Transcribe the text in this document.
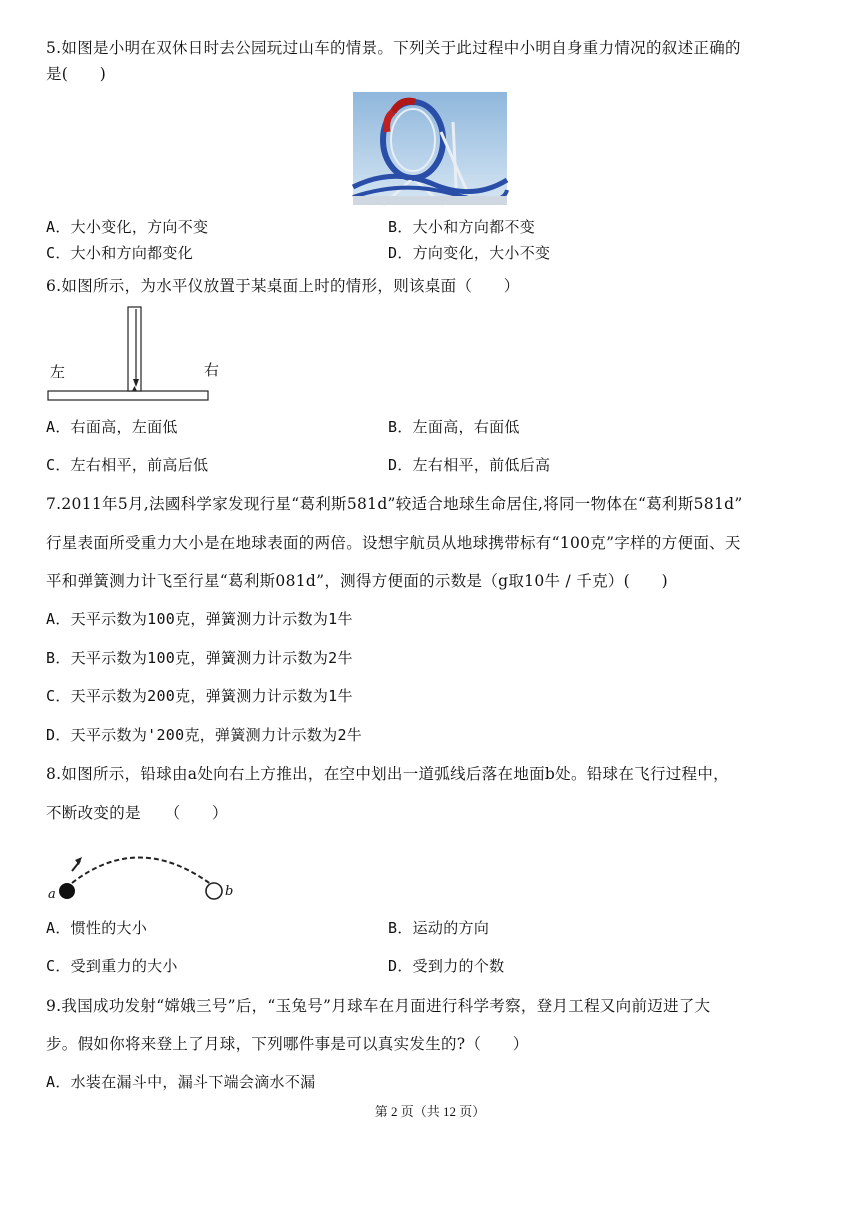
5.如图是小明在双休日时去公园玩过山车的情景。下列关于此过程中小明自身重力情况的叙述正确的
是(　　)
A．大小变化，方向不变	B．大小和方向都不变
C．大小和方向都变化	D．方向变化，大小不变
6.如图所示，为水平仪放置于某桌面上时的情形，则该桌面（　　）
左	右
A．右面高，左面低	B．左面高，右面低
C．左右相平，前高后低	D．左右相平，前低后高
7.2011年5月,法國科学家发现行星“葛利斯581d”较适合地球生命居住,将同一物体在“葛利斯581d”
行星表面所受重力大小是在地球表面的两倍。设想宇航员从地球携带标有“100克”字样的方便面、天
平和弹簧测力计飞至行星“葛利斯081d”，测得方便面的示数是（g取10牛 / 千克）(　　)
A．天平示数为100克，弹簧测力计示数为1牛
B．天平示数为100克，弹簧测力计示数为2牛
C．天平示数为200克，弹簧测力计示数为1牛
D．天平示数为'200克，弹簧测力计示数为2牛
8.如图所示，铅球由a处向右上方推出，在空中划出一道弧线后落在地面b处。铅球在飞行过程中，
不断改变的是　　（　　）
a	b
A．惯性的大小	B．运动的方向
C．受到重力的大小	D．受到力的个数
9.我国成功发射“嫦娥三号”后，“玉兔号”月球车在月面进行科学考察，登月工程又向前迈进了大
步。假如你将来登上了月球，下列哪件事是可以真实发生的?（　　）
A．水装在漏斗中，漏斗下端会滴水不漏
第 2 页（共 12 页）
